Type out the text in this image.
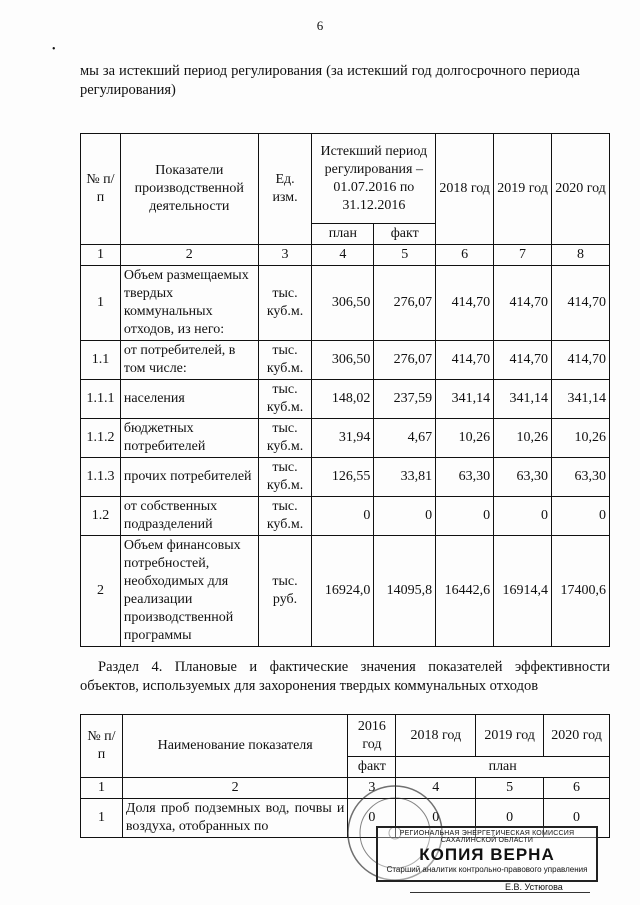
6
•
мы за истекший период регулирования (за истекший год долгосрочного периода регулирования)
№ п/п	Показатели производственной деятельности	Ед. изм.	Истекший период регулирования – 01.07.2016 по 31.12.2016		2018 год	2019 год	2020 год
			план	факт			
1	2	3	4	5	6	7	8
1	Объем размещаемых твердых коммунальных отходов, из него:	тыс. куб.м.	306,50	276,07	414,70	414,70	414,70
1.1	от потребителей, в том числе:	тыс. куб.м.	306,50	276,07	414,70	414,70	414,70
1.1.1	населения	тыс. куб.м.	148,02	237,59	341,14	341,14	341,14
1.1.2	бюджетных потребителей	тыс. куб.м.	31,94	4,67	10,26	10,26	10,26
1.1.3	прочих потребителей	тыс. куб.м.	126,55	33,81	63,30	63,30	63,30
1.2	от собственных подразделений	тыс. куб.м.	0	0	0	0	0
2	Объем финансовых потребностей, необходимых для реализации производственной программы	тыс. руб.	16924,0	14095,8	16442,6	16914,4	17400,6
Раздел 4. Плановые и фактические значения показателей эффективности объектов, используемых для захоронения твердых коммунальных отходов
№ п/п	Наименование показателя	2016 год	2018 год	2019 год	2020 год
		факт	план		
1	2	3	4	5	6
1	Доля проб подземных вод, почвы и воздуха, отобранных по	0	0	0	0
РЕГИОНАЛЬНАЯ ЭНЕРГЕТИЧЕСКАЯ КОМИССИЯ САХАЛИНСКОЙ ОБЛАСТИ
КОПИЯ ВЕРНА
Старший аналитик контрольно-правового управления
Е.В. Устюгова
